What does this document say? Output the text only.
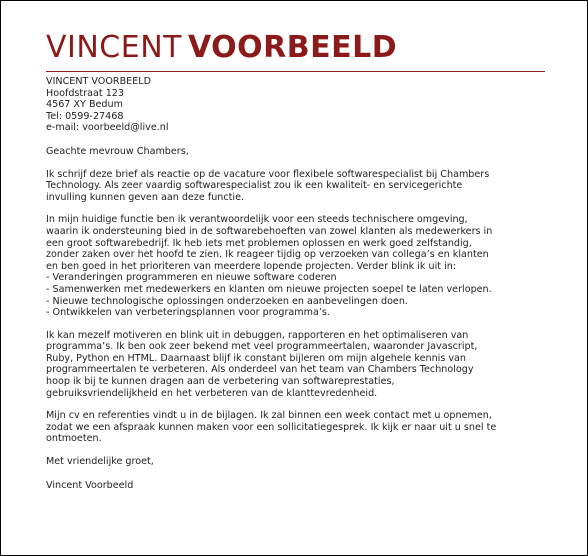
VINCENT VOORBEELD
VINCENT VOORBEELD
Hoofdstraat 123
4567 XY Bedum
Tel: 0599-27468
e-mail: voorbeeld@live.nl
Geachte mevrouw Chambers,
Ik schrijf deze brief als reactie op de vacature voor flexibele softwarespecialist bij Chambers
Technology. Als zeer vaardig softwarespecialist zou ik een kwaliteit- en servicegerichte
invulling kunnen geven aan deze functie.
In mijn huidige functie ben ik verantwoordelijk voor een steeds technischere omgeving,
waarin ik ondersteuning bied in de softwarebehoeften van zowel klanten als medewerkers in
een groot softwarebedrijf. Ik heb iets met problemen oplossen en werk goed zelfstandig,
zonder zaken over het hoofd te zien. Ik reageer tijdig op verzoeken van collega’s en klanten
en ben goed in het prioriteren van meerdere lopende projecten. Verder blink ik uit in:
- Veranderingen programmeren en nieuwe software coderen
- Samenwerken met medewerkers en klanten om nieuwe projecten soepel te laten verlopen.
- Nieuwe technologische oplossingen onderzoeken en aanbevelingen doen.
- Ontwikkelen van verbeteringsplannen voor programma’s.
Ik kan mezelf motiveren en blink uit in debuggen, rapporteren en het optimaliseren van
programma’s. Ik ben ook zeer bekend met veel programmeertalen, waaronder Javascript,
Ruby, Python en HTML. Daarnaast blijf ik constant bijleren om mijn algehele kennis van
programmeertalen te verbeteren. Als onderdeel van het team van Chambers Technology
hoop ik bij te kunnen dragen aan de verbetering van softwareprestaties,
gebruiksvriendelijkheid en het verbeteren van de klanttevredenheid.
Mijn cv en referenties vindt u in de bijlagen. Ik zal binnen een week contact met u opnemen,
zodat we een afspraak kunnen maken voor een sollicitatiegesprek. Ik kijk er naar uit u snel te
ontmoeten.
Met vriendelijke groet,
Vincent Voorbeeld
